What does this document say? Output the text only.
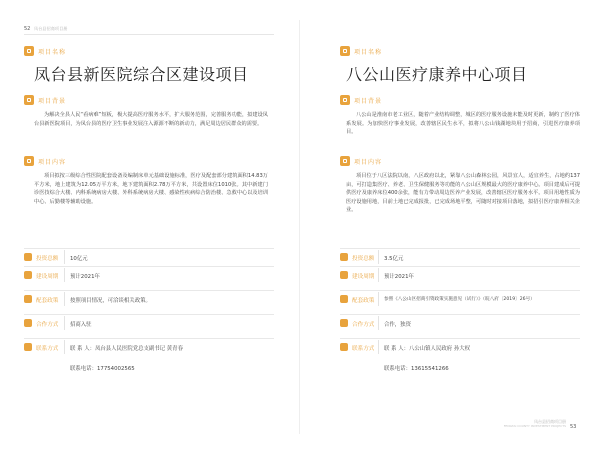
52 凤台县招商项目册
项目名称
凤台县新医院综合区建设项目
项目背景
为解决全县人民“看病难”短板，极大提高医疗服务水平，扩大服务范围，完善服务功能，拟建设凤台县新医院项目，为凤台县的医疗卫生事业发展注入源源不断的新动力，满足周边居民群众的需要。
项目内容
项目拟按三级综合性医院配套设备及编制床单元基础设施标准，医疗及配套部分建筑面积14.83万平方米，地上建筑为12.05万平方米，地下建筑面积2.78万平方米，共设置床位1010张。其中新建门诊医技综合大楼、内科系统病房大楼、外科系统病房大楼、感染性疾病综合防治楼、急救中心以及培训中心、后勤楼等辅助设施。
投资总额 10亿元
建设周期 预计2021年
配套政策 按照项目情况，可洽谈相关政策。
合作方式 招商入驻
联系方式 联 系 人：凤台县人民医院党总支副书记 黄青春
联系电话：17754002565
项目名称
八公山医疗康养中心项目
项目背景
八公山是淮南市老工业区，随着产业结构调整，城区的医疗服务设施未能及时更新，制约了医疗体系发展。为加快医疗事业发展，改善辖区民生水平，拟将八公山钱湖地块用于招商，引进医疗康养项目。
项目内容
项目位于八区法院以南，八区政府以北，紧靠八公山森林公园，风景宜人，适宜养生，占地约137亩，可打造集医疗、养老、卫生保健服务等功能的八公山区规模最大的医疗康养中心。项目建成后可提供医疗及康养床位400余张，能有力带动周边医养产业发展，改善辖区医疗服务水平。项目用地性质为医疗设施用地，目前土地已完成报批，已完成场地平整，可随时对接项目落地，拟招引医疗康养相关企业。
投资总额 3.5亿元
建设周期 预计2021年
配套政策 参照《八公山区招商引资政策实施意见（试行）》（皖八府〔2019〕26号）
合作方式 合作，独资
联系方式 联 系 人：八公山镇人民政府 孙大权
联系电话：13615541266
凤台县招商项目册
FENGTAI COUNTY INVESTMENT PROJECTS 53
